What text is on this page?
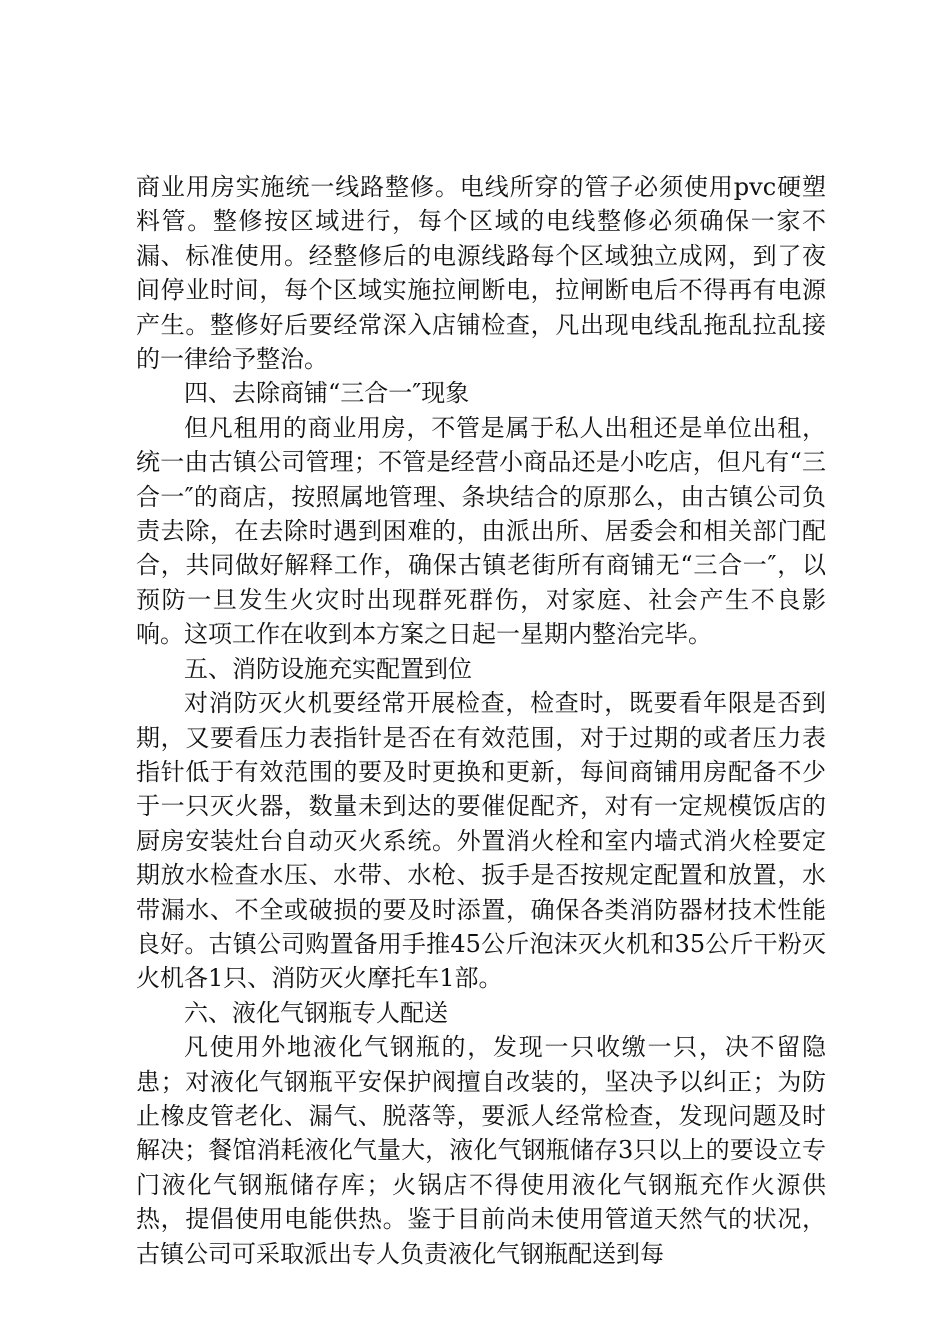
商业用房实施统一线路整修。电线所穿的管子必须使用pvc硬塑料管。整修按区域进行，每个区域的电线整修必须确保一家不漏、标准使用。经整修后的电源线路每个区域独立成网，到了夜间停业时间，每个区域实施拉闸断电，拉闸断电后不得再有电源产生。整修好后要经常深入店铺检查，凡出现电线乱拖乱拉乱接的一律给予整治。

四、去除商铺“三合一″现象

但凡租用的商业用房，不管是属于私人出租还是单位出租，统一由古镇公司管理；不管是经营小商品还是小吃店，但凡有“三合一″的商店，按照属地管理、条块结合的原那么，由古镇公司负责去除，在去除时遇到困难的，由派出所、居委会和相关部门配合，共同做好解释工作，确保古镇老街所有商铺无“三合一″，以预防一旦发生火灾时出现群死群伤，对家庭、社会产生不良影响。这项工作在收到本方案之日起一星期内整治完毕。

五、消防设施充实配置到位

对消防灭火机要经常开展检查，检查时，既要看年限是否到期，又要看压力表指针是否在有效范围，对于过期的或者压力表指针低于有效范围的要及时更换和更新，每间商铺用房配备不少于一只灭火器，数量未到达的要催促配齐，对有一定规模饭店的厨房安装灶台自动灭火系统。外置消火栓和室内墙式消火栓要定期放水检查水压、水带、水枪、扳手是否按规定配置和放置，水带漏水、不全或破损的要及时添置，确保各类消防器材技术性能良好。古镇公司购置备用手推45公斤泡沫灭火机和35公斤干粉灭火机各1只、消防灭火摩托车1部。

六、液化气钢瓶专人配送

凡使用外地液化气钢瓶的，发现一只收缴一只，决不留隐患；对液化气钢瓶平安保护阀擅自改装的，坚决予以纠正；为防止橡皮管老化、漏气、脱落等，要派人经常检查，发现问题及时解决；餐馆消耗液化气量大，液化气钢瓶储存3只以上的要设立专门液化气钢瓶储存库；火锅店不得使用液化气钢瓶充作火源供热，提倡使用电能供热。鉴于目前尚未使用管道天然气的状况，古镇公司可采取派出专人负责液化气钢瓶配送到每
